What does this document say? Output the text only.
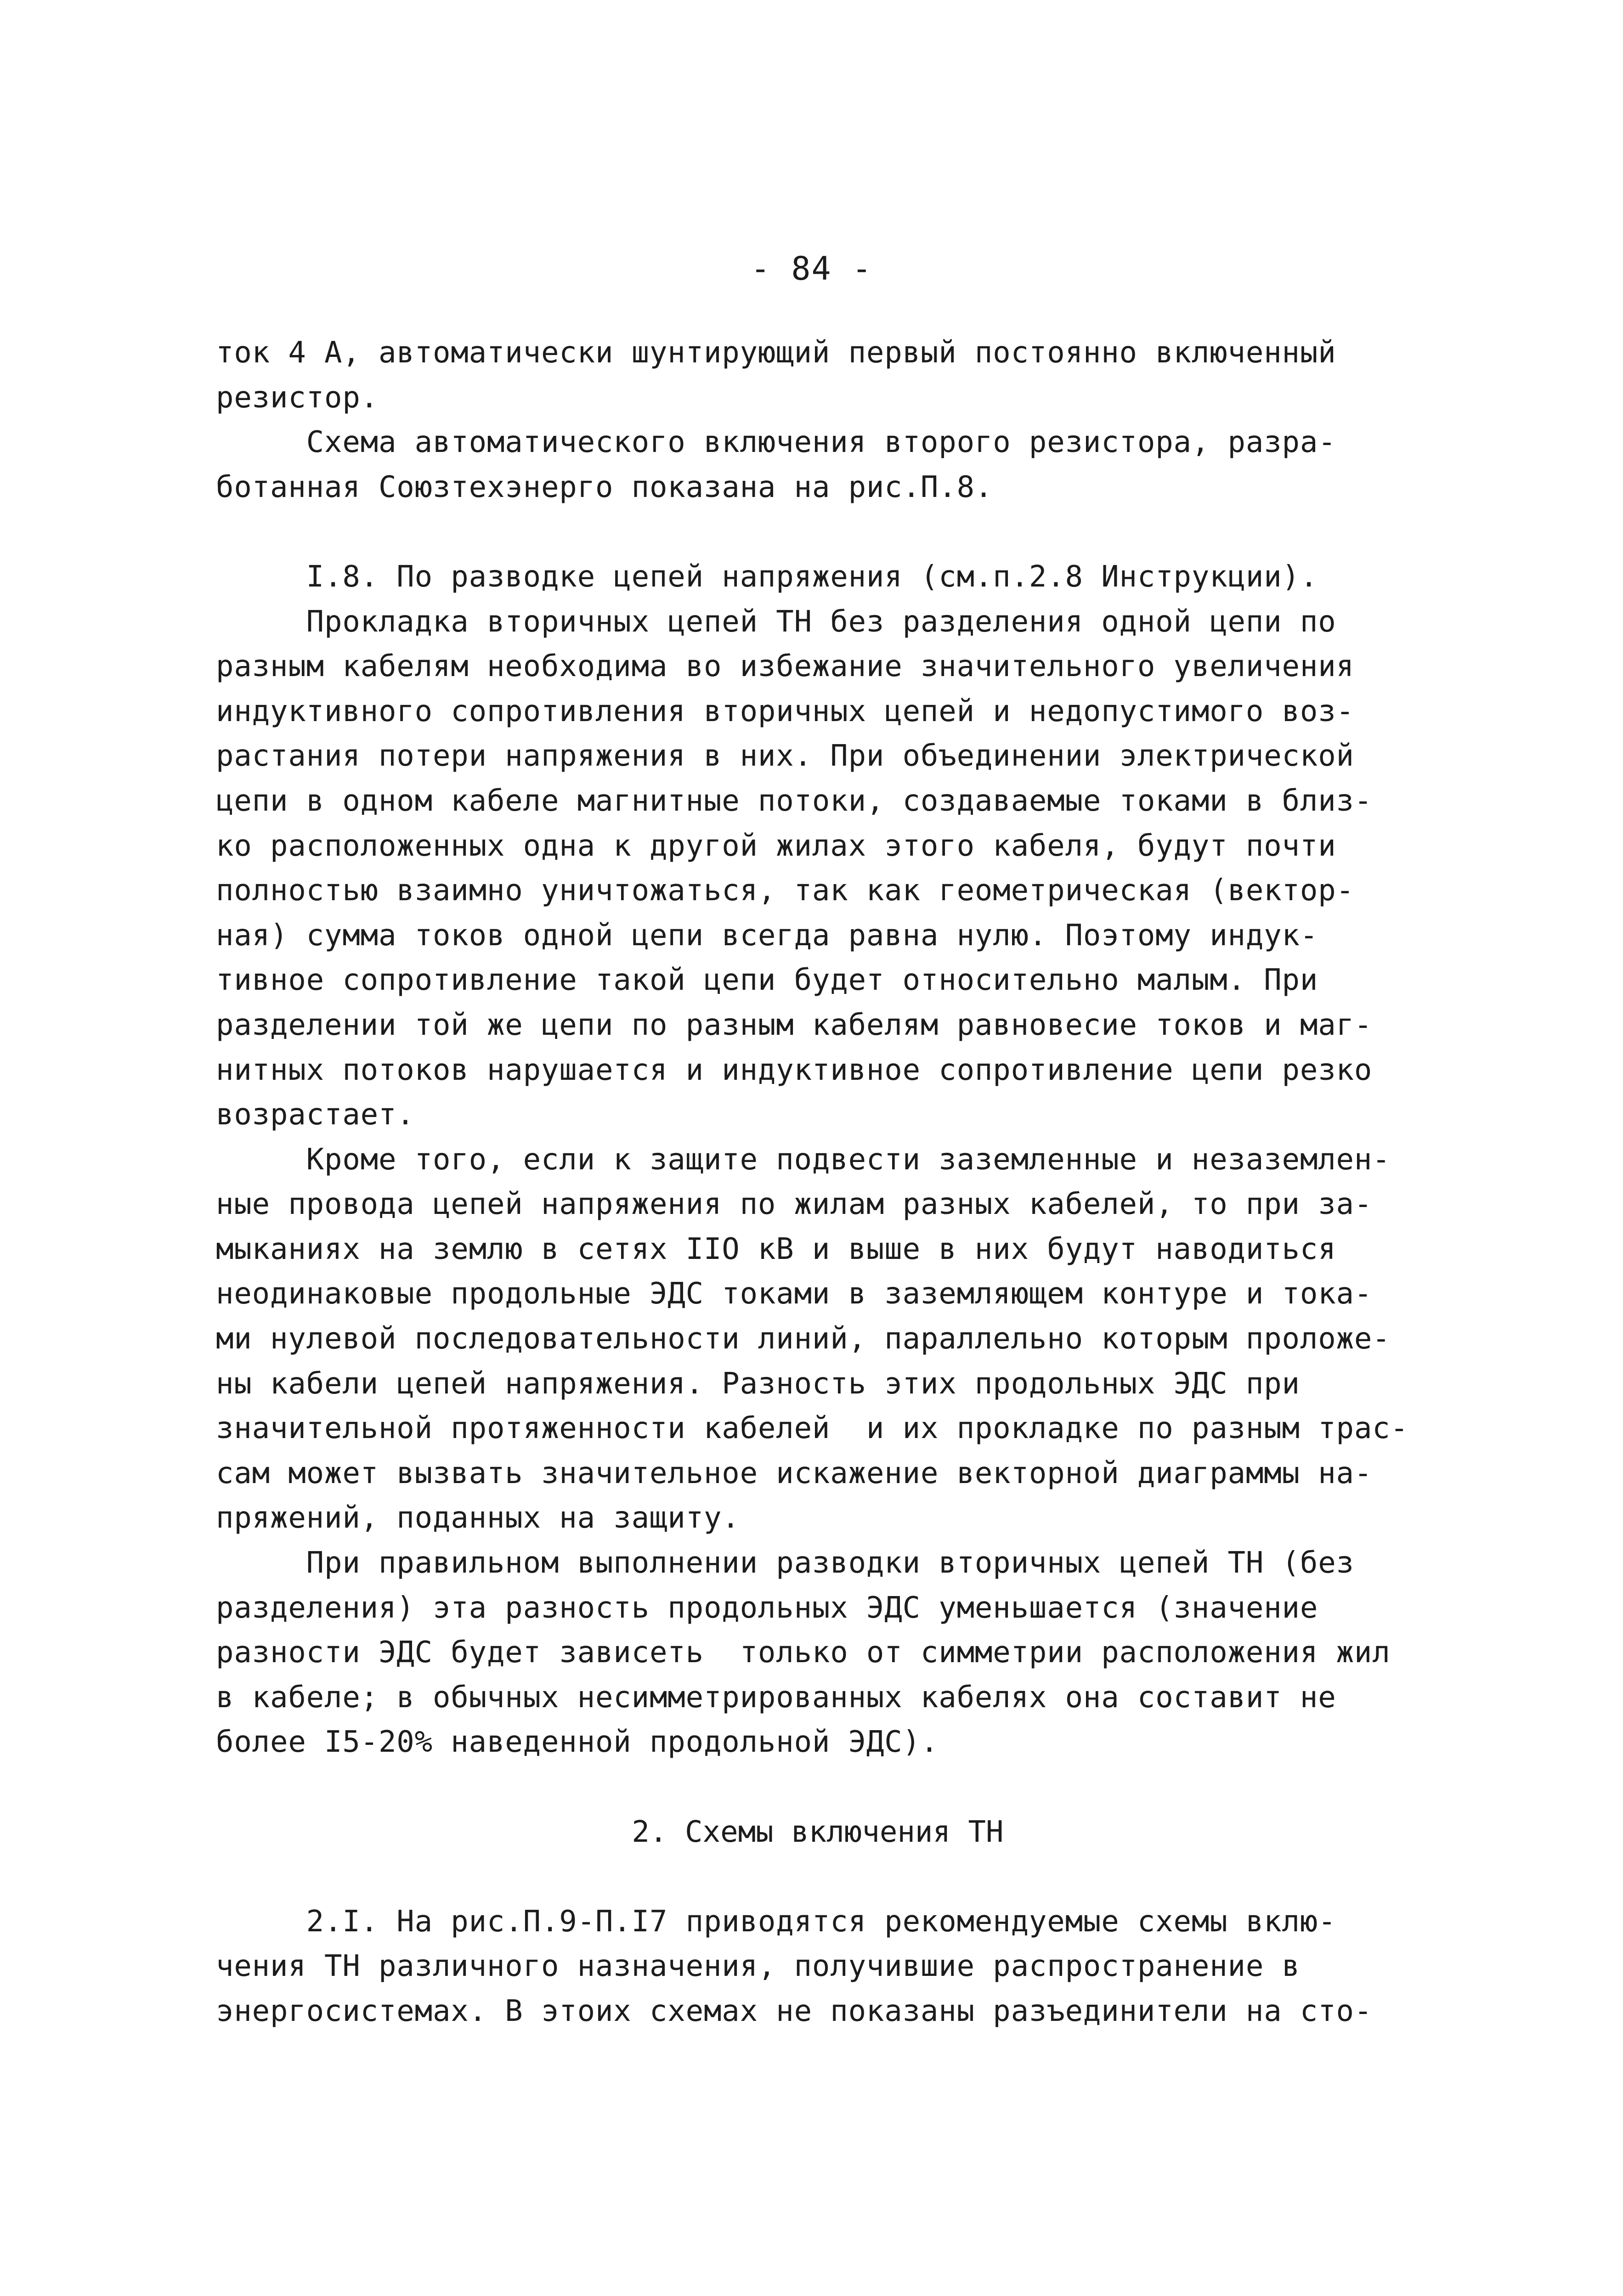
- 84 -
ток 4 А, автоматически шунтирующий первый постоянно включенный
резистор.
Схема автоматического включения второго резистора, разра-
ботанная Союзтехэнерго показана на рис.П.8.
I.8. По разводке цепей напряжения (см.п.2.8 Инструкции).
Прокладка вторичных цепей ТН без разделения одной цепи по
разным кабелям необходима во избежание значительного увеличения
индуктивного сопротивления вторичных цепей и недопустимого воз-
растания потери напряжения в них. При объединении электрической
цепи в одном кабеле магнитные потоки, создаваемые токами в близ-
ко расположенных одна к другой жилах этого кабеля, будут почти
полностью взаимно уничтожаться, так как геометрическая (вектор-
ная) сумма токов одной цепи всегда равна нулю. Поэтому индук-
тивное сопротивление такой цепи будет относительно малым. При
разделении той же цепи по разным кабелям равновесие токов и маг-
нитных потоков нарушается и индуктивное сопротивление цепи резко
возрастает.
Кроме того, если к защите подвести заземленные и незаземлен-
ные провода цепей напряжения по жилам разных кабелей, то при за-
мыканиях на землю в сетях IIO кВ и выше в них будут наводиться
неодинаковые продольные ЭДС токами в заземляющем контуре и тока-
ми нулевой последовательности линий, параллельно которым проложе-
ны кабели цепей напряжения. Разность этих продольных ЭДС при
значительной протяженности кабелей  и их прокладке по разным трас-
сам может вызвать значительное искажение векторной диаграммы на-
пряжений, поданных на защиту.
При правильном выполнении разводки вторичных цепей ТН (без
разделения) эта разность продольных ЭДС уменьшается (значение
разности ЭДС будет зависеть  только от симметрии расположения жил
в кабеле; в обычных несимметрированных кабелях она составит не
более I5-20% наведенной продольной ЭДС).
2. Схемы включения ТН
2.I. На рис.П.9-П.I7 приводятся рекомендуемые схемы вклю-
чения ТН различного назначения, получившие распространение в
энергосистемах. В этоих схемах не показаны разъединители на сто-
